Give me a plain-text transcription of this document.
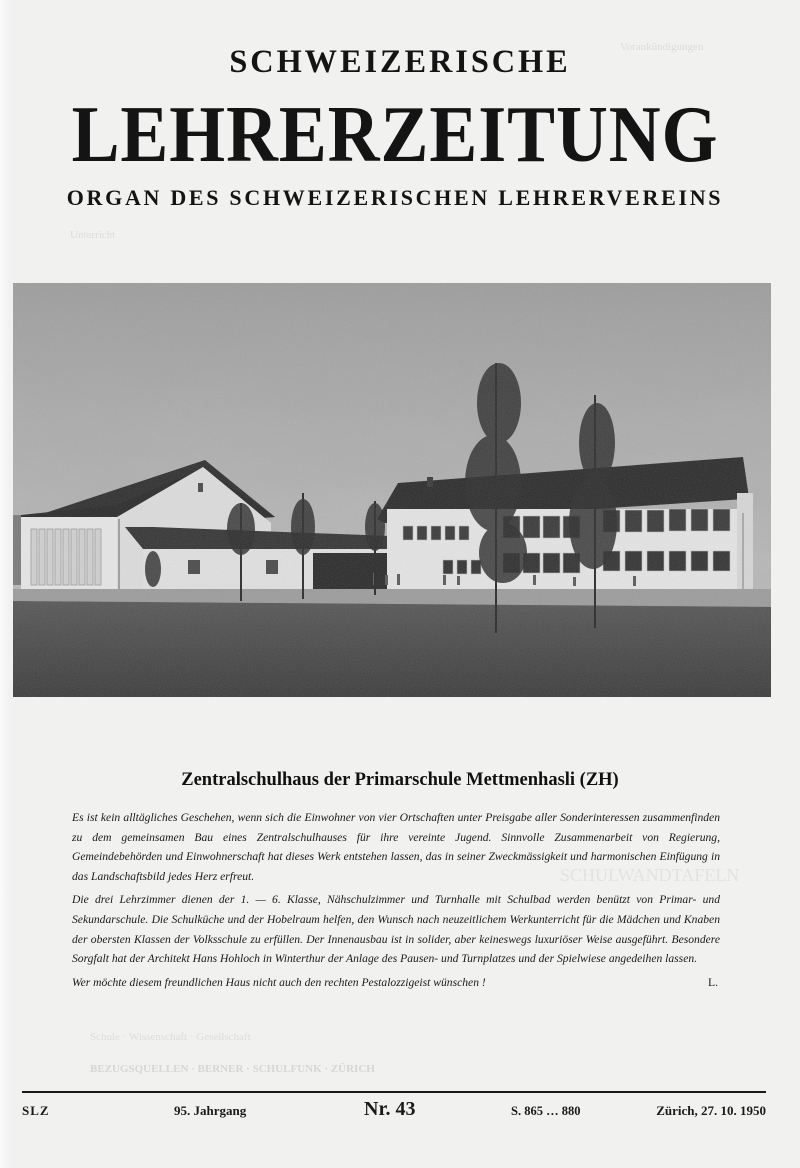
Vorankündigungen
Unterricht
SCHULWANDTAFELN
Schule · Wissenschaft · Gesellschaft
BEZUGSQUELLEN · BERNER · SCHULFUNK · ZÜRICH
SCHWEIZERISCHE
LEHRERZEITUNG
ORGAN DES SCHWEIZERISCHEN LEHRERVEREINS
Zentralschulhaus der Primarschule Mettmenhasli (ZH)

Es ist kein alltägliches Geschehen, wenn sich die Einwohner von vier Ortschaften unter Preisgabe aller Sonderinteressen zusammenfinden zu dem gemeinsamen Bau eines Zentralschulhauses für ihre vereinte Jugend. Sinnvolle Zusammenarbeit von Regierung, Gemeindebehörden und Einwohnerschaft hat dieses Werk entstehen lassen, das in seiner Zweckmässigkeit und harmonischen Einfügung in das Landschaftsbild jedes Herz erfreut.

Die drei Lehrzimmer dienen der 1. — 6. Klasse, Nähschulzimmer und Turnhalle mit Schulbad werden benützt von Primar- und Sekundarschule. Die Schulküche und der Hobelraum helfen, den Wunsch nach neuzeitlichem Werkunterricht für die Mädchen und Knaben der obersten Klassen der Volksschule zu erfüllen. Der Innenausbau ist in solider, aber keineswegs luxuriöser Weise ausgeführt. Besondere Sorgfalt hat der Architekt Hans Hohloch in Winterthur der Anlage des Pausen- und Turnplatzes und der Spielwiese angedeihen lassen.

Wer möchte diesem freundlichen Haus nicht auch den rechten Pestalozzigeist wünschen !	L.
SLZ	95. Jahrgang	Nr. 43	S. 865 … 880	Zürich, 27. 10. 1950
